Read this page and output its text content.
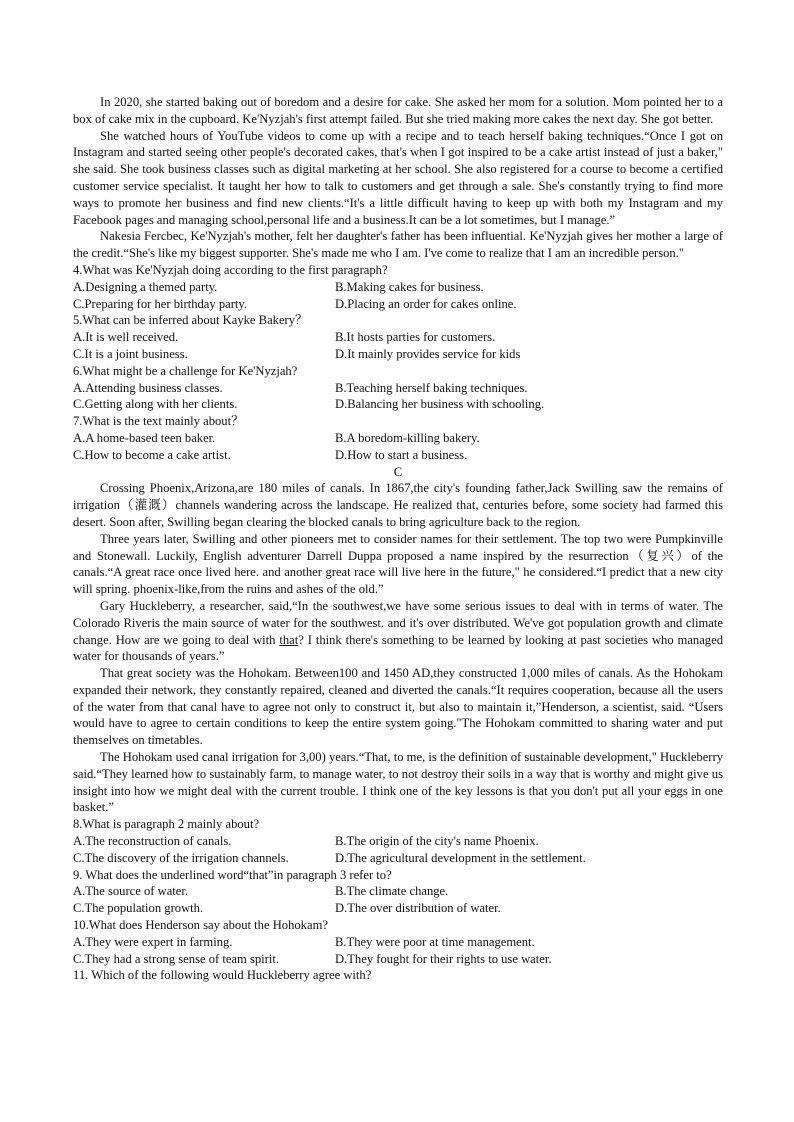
In 2020, she started baking out of boredom and a desire for cake. She asked her mom for a solution. Mom pointed her to a box of cake mix in the cupboard. Ke'Nyzjah's first attempt failed. But she tried making more cakes the next day. She got better.

She watched hours of YouTube videos to come up with a recipe and to teach herself baking techniques.“Once I got on Instagram and started seeing other people's decorated cakes, that's when I got inspired to be a cake artist instead of just a baker," she said. She took business classes such as digital marketing at her school. She also registered for a course to become a certified customer service specialist. It taught her how to talk to customers and get through a sale. She's constantly trying to find more ways to promote her business and find new clients.“It's a little difficult having to keep up with both my Instagram and my Facebook pages and managing school,personal life and a business.It can be a lot sometimes, but I manage.”

Nakesia Fercbec, Ke'Nyzjah's mother, felt her daughter's father has been influential. Ke'Nyzjah gives her mother a large of the credit.“She's like my biggest supporter. She's made me who I am. I've come to realize that I am an incredible person."

4.What was Ke'Nyzjah doing according to the first paragraph?
A.Designing a themed party.	B.Making cakes for business.
C.Preparing for her birthday party.	D.Placing an order for cakes online.
5.What can be inferred about Kayke Bakery？
A.It is well received.	B.It hosts parties for customers.
C.It is a joint business.	D.It mainly provides service for kids
6.What might be a challenge for Ke'Nyzjah?
A.Attending business classes.	B.Teaching herself baking techniques.
C.Getting along with her clients.	D.Balancing her business with schooling.
7.What is the text mainly about？
A.A home-based teen baker.	B.A boredom-killing bakery.
C.How to become a cake artist.	D.How to start a business.
C

Crossing Phoenix,Arizona,are 180 miles of canals. In 1867,the city's founding father,Jack Swilling saw the remains of irrigation（灌溉）channels wandering across the landscape. He realized that, centuries before, some society had farmed this desert. Soon after, Swilling began clearing the blocked canals to bring agriculture back to the region.

Three years later, Swilling and other pioneers met to consider names for their settlement. The top two were Pumpkinville and Stonewall. Luckily, English adventurer Darrell Duppa proposed a name inspired by the resurrection（复兴）of the canals.“A great race once lived here. and another great race will live here in the future," he considered.“I predict that a new city will spring. phoenix-like,from the ruins and ashes of the old.”

Gary Huckleberry, a researcher, said,“In the southwest,we have some serious issues to deal with in terms of water. The Colorado Riveris the main source of water for the southwest. and it's over distributed. We've got population growth and climate change. How are we going to deal with that? I think there's something to be learned by looking at past societies who managed water for thousands of years.”

That great society was the Hohokam. Between100 and 1450 AD,they constructed 1,000 miles of canals. As the Hohokam expanded their network, they constantly repaired, cleaned and diverted the canals.“It requires cooperation, because all the users of the water from that canal have to agree not only to construct it, but also to maintain it,”Henderson, a scientist, said. “Users would have to agree to certain conditions to keep the entire system going."The Hohokam committed to sharing water and put themselves on timetables.

The Hohokam used canal irrigation for 3,00) years.“That, to me, is the definition of sustainable development," Huckleberry said.“They learned how to sustainably farm, to manage water, to not destroy their soils in a way that is worthy and might give us insight into how we might deal with the current trouble. I think one of the key lessons is that you don't put all your eggs in one basket.”

8.What is paragraph 2 mainly about?
A.The reconstruction of canals.	B.The origin of the city's name Phoenix.
C.The discovery of the irrigation channels.	D.The agricultural development in the settlement.
9. What does the underlined word“that”in paragraph 3 refer to?
A.The source of water.	B.The climate change.
C.The population growth.	D.The over distribution of water.
10.What does Henderson say about the Hohokam?
A.They were expert in farming.	B.They were poor at time management.
C.They had a strong sense of team spirit.	D.They fought for their rights to use water.
11. Which of the following would Huckleberry agree with?
